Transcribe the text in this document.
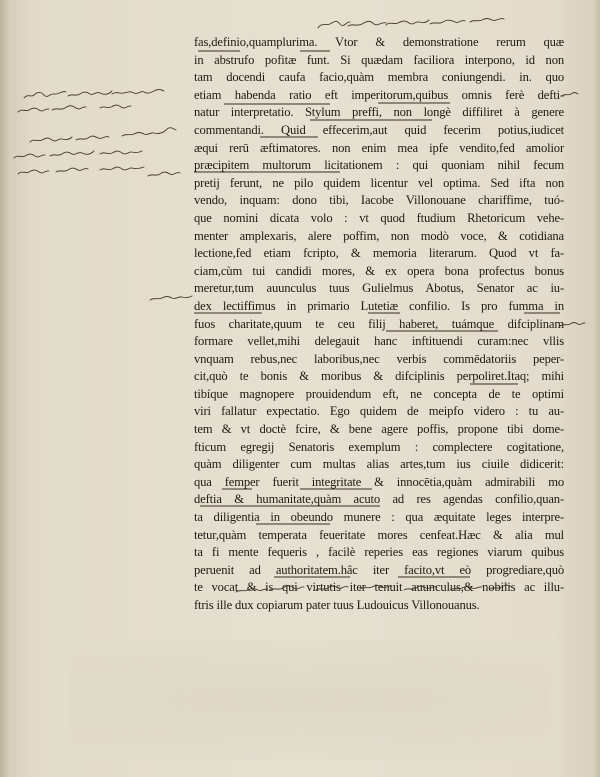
fas,definio,quamplurima. Vtor & demonstratione rerum quæ
in abstrufo pofitæ funt. Si quædam faciliora interpono, id non
tam docendi caufa facio,quàm membra coniungendi. in. quo
etiam habenda ratio eft imperitorum,quibus omnis ferè defti-
natur interpretatio. Stylum preffi, non longè diffiliret à genere
commentandi. Quid effecerim,aut quid fecerim potius,iudicet
æqui rerū æftimatores. non enim mea ipfe vendito,fed amolior
præcipitem multorum licitationem : qui quoniam nihil fecum
pretij ferunt, ne pilo quidem licentur vel optima. Sed ifta non
vendo, inquam: dono tibi, Iacobe Villonouane chariffime, tuó-
que nomini dicata volo : vt quod ftudium Rhetoricum vehe-
menter amplexaris, alere poffim, non modò voce, & cotidiana
lectione,fed etiam fcripto, & memoria literarum. Quod vt fa-
ciam,cùm tui candidi mores, & ex opera bona profectus bonus
meretur,tum auunculus tuus Gulielmus Abotus, Senator ac iu-
dex lectiffimus in primario Lutetiæ confilio. Is pro fumma in
fuos charitate,quum te ceu filij haberet, tuámque difciplinam
formare vellet,mihi delegauit hanc inftituendi curam:nec vllis
vnquam rebus,nec laboribus,nec verbis commēdatoriis peper-
cit,quò te bonis & moribus & difciplinis perpoliret.Itaq; mihi
tibíque magnopere prouidendum eft, ne concepta de te optimi
viri fallatur expectatio. Ego quidem de meipfo videro : tu au-
tem & vt doctè fcire, & bene agere poffis, propone tibi dome-
fticum egregij Senatoris exemplum : complectere cogitatione,
quàm diligenter cum multas alias artes,tum ius ciuile didicerit:
qua femper fuerit integritate & innocētia,quàm admirabili mo
deftia & humanitate,quàm acuto ad res agendas confilio,quan-
ta diligentia in obeundo munere : qua æquitate leges interpre-
tetur,quàm temperata feueritate mores cenfeat.Hæc & alia mul
ta fi mente fequeris , facilè reperies eas regiones viarum quibus
peruenit ad authoritatem.hâc iter facito,vt eò progrediare,quò
te vocat & is qui virtutis iter tenuit auunculus,& nobilis ac illu-
ftris ille dux copiarum pater tuus Ludouicus Villonouanus.
